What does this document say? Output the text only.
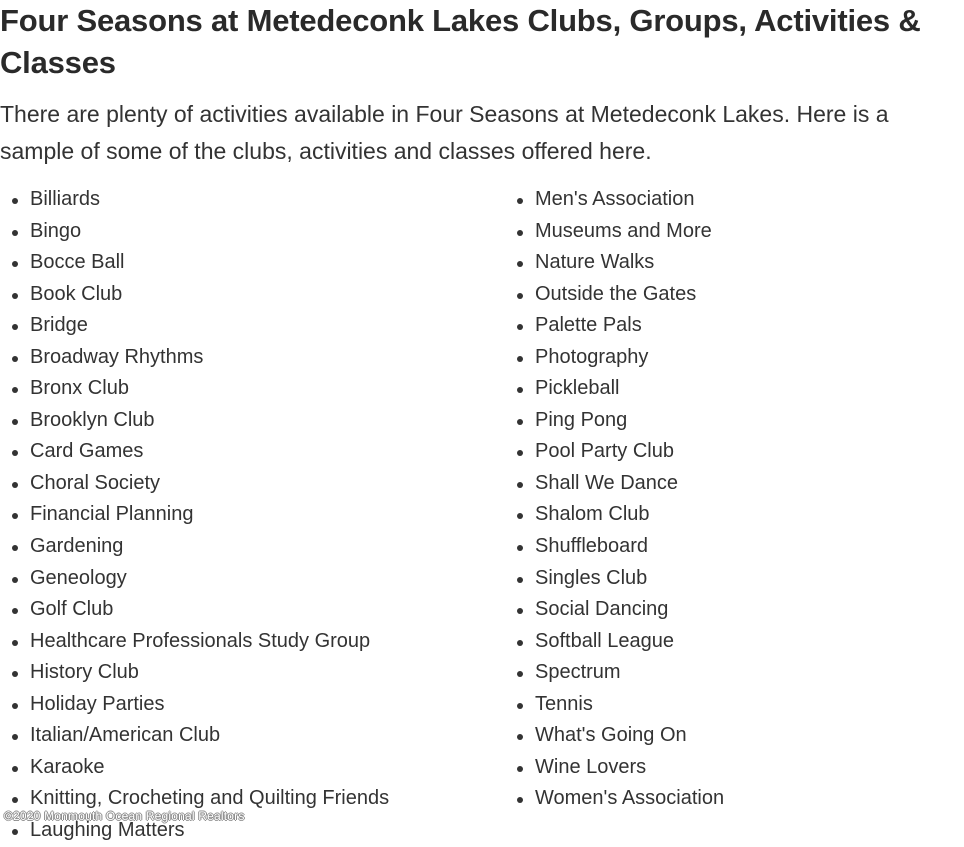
Four Seasons at Metedeconk Lakes Clubs, Groups, Activities & Classes

There are plenty of activities available in Four Seasons at Metedeconk Lakes. Here is a sample of some of the clubs, activities and classes offered here.

Billiards
Bingo
Bocce Ball
Book Club
Bridge
Broadway Rhythms
Bronx Club
Brooklyn Club
Card Games
Choral Society
Financial Planning
Gardening
Geneology
Golf Club
Healthcare Professionals Study Group
History Club
Holiday Parties
Italian/American Club
Karaoke
Knitting, Crocheting and Quilting Friends
Laughing Matters
Men's Association
Museums and More
Nature Walks
Outside the Gates
Palette Pals
Photography
Pickleball
Ping Pong
Pool Party Club
Shall We Dance
Shalom Club
Shuffleboard
Singles Club
Social Dancing
Softball League
Spectrum
Tennis
What's Going On
Wine Lovers
Women's Association
©2020 Monmouth Ocean Regional Realtors
